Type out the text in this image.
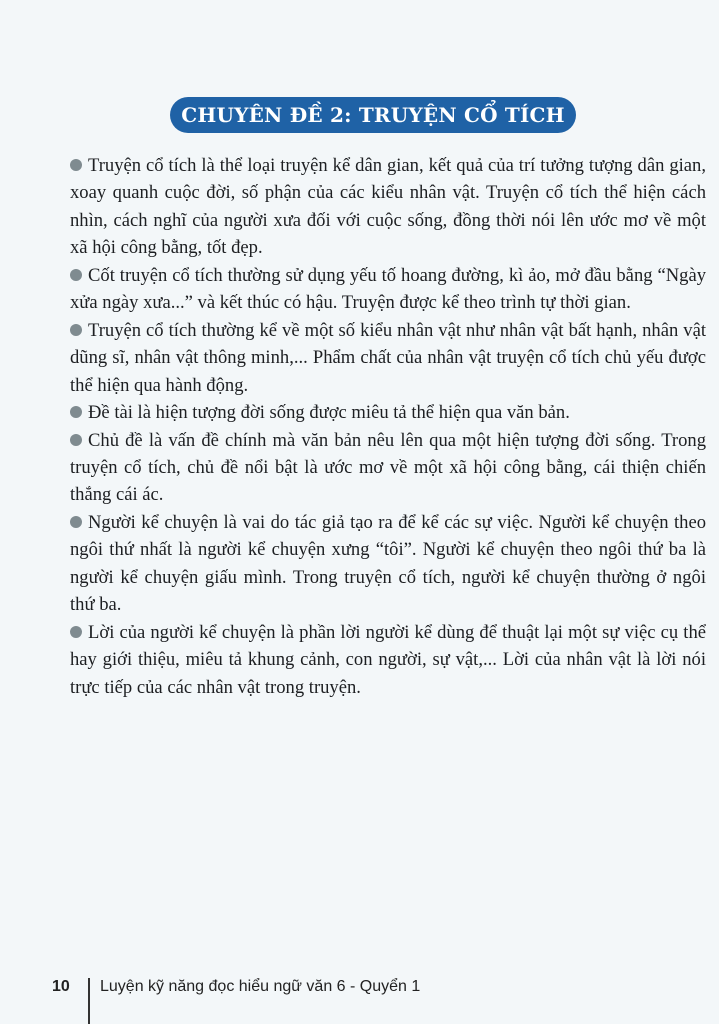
CHUYÊN ĐỀ 2: TRUYỆN CỔ TÍCH

Truyện cổ tích là thể loại truyện kể dân gian, kết quả của trí tưởng tượng dân gian, xoay quanh cuộc đời, số phận của các kiểu nhân vật. Truyện cổ tích thể hiện cách nhìn, cách nghĩ của người xưa đối với cuộc sống, đồng thời nói lên ước mơ về một xã hội công bằng, tốt đẹp.

Cốt truyện cổ tích thường sử dụng yếu tố hoang đường, kì ảo, mở đầu bằng “Ngày xửa ngày xưa...” và kết thúc có hậu. Truyện được kể theo trình tự thời gian.

Truyện cổ tích thường kể về một số kiểu nhân vật như nhân vật bất hạnh, nhân vật dũng sĩ, nhân vật thông minh,... Phẩm chất của nhân vật truyện cổ tích chủ yếu được thể hiện qua hành động.

Đề tài là hiện tượng đời sống được miêu tả thể hiện qua văn bản.

Chủ đề là vấn đề chính mà văn bản nêu lên qua một hiện tượng đời sống. Trong truyện cổ tích, chủ đề nổi bật là ước mơ về một xã hội công bằng, cái thiện chiến thắng cái ác.

Người kể chuyện là vai do tác giả tạo ra để kể các sự việc. Người kể chuyện theo ngôi thứ nhất là người kể chuyện xưng “tôi”. Người kể chuyện theo ngôi thứ ba là người kể chuyện giấu mình. Trong truyện cổ tích, người kể chuyện thường ở ngôi thứ ba.

Lời của người kể chuyện là phần lời người kể dùng để thuật lại một sự việc cụ thể hay giới thiệu, miêu tả khung cảnh, con người, sự vật,... Lời của nhân vật là lời nói trực tiếp của các nhân vật trong truyện.

10 Luyện kỹ năng đọc hiểu ngữ văn 6 - Quyển 1
